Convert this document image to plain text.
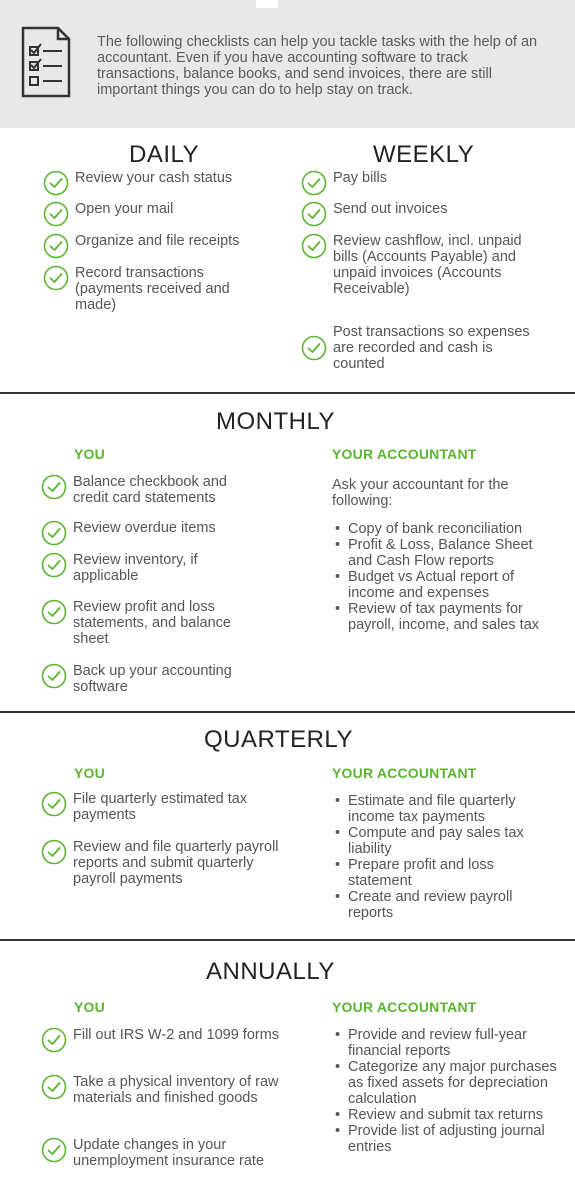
The following checklists can help you tackle tasks with the help of an accountant. Even if you have accounting software to track transactions, balance books, and send invoices, there are still important things you can do to help stay on track.
DAILY	WEEKLY
Review your cash status
Open your mail
Organize and file receipts
Record transactions (payments received and made)
Pay bills
Send out invoices
Review cashflow, incl. unpaid bills (Accounts Payable) and unpaid invoices (Accounts Receivable)
Post transactions so expenses are recorded and cash is counted
MONTHLY
YOU	YOUR ACCOUNTANT
Balance checkbook and credit card statements
Review overdue items
Review inventory, if applicable
Review profit and loss statements, and balance sheet
Back up your accounting software
Ask your accountant for the following:
• Copy of bank reconciliation
• Profit & Loss, Balance Sheet and Cash Flow reports
• Budget vs Actual report of income and expenses
• Review of tax payments for payroll, income, and sales tax
QUARTERLY
YOU	YOUR ACCOUNTANT
File quarterly estimated tax payments
Review and file quarterly payroll reports and submit quarterly payroll payments
• Estimate and file quarterly income tax payments
• Compute and pay sales tax liability
• Prepare profit and loss statement
• Create and review payroll reports
ANNUALLY
YOU	YOUR ACCOUNTANT
Fill out IRS W-2 and 1099 forms
Take a physical inventory of raw materials and finished goods
Update changes in your unemployment insurance rate
• Provide and review full-year financial reports
• Categorize any major purchases as fixed assets for depreciation calculation
• Review and submit tax returns
• Provide list of adjusting journal entries
